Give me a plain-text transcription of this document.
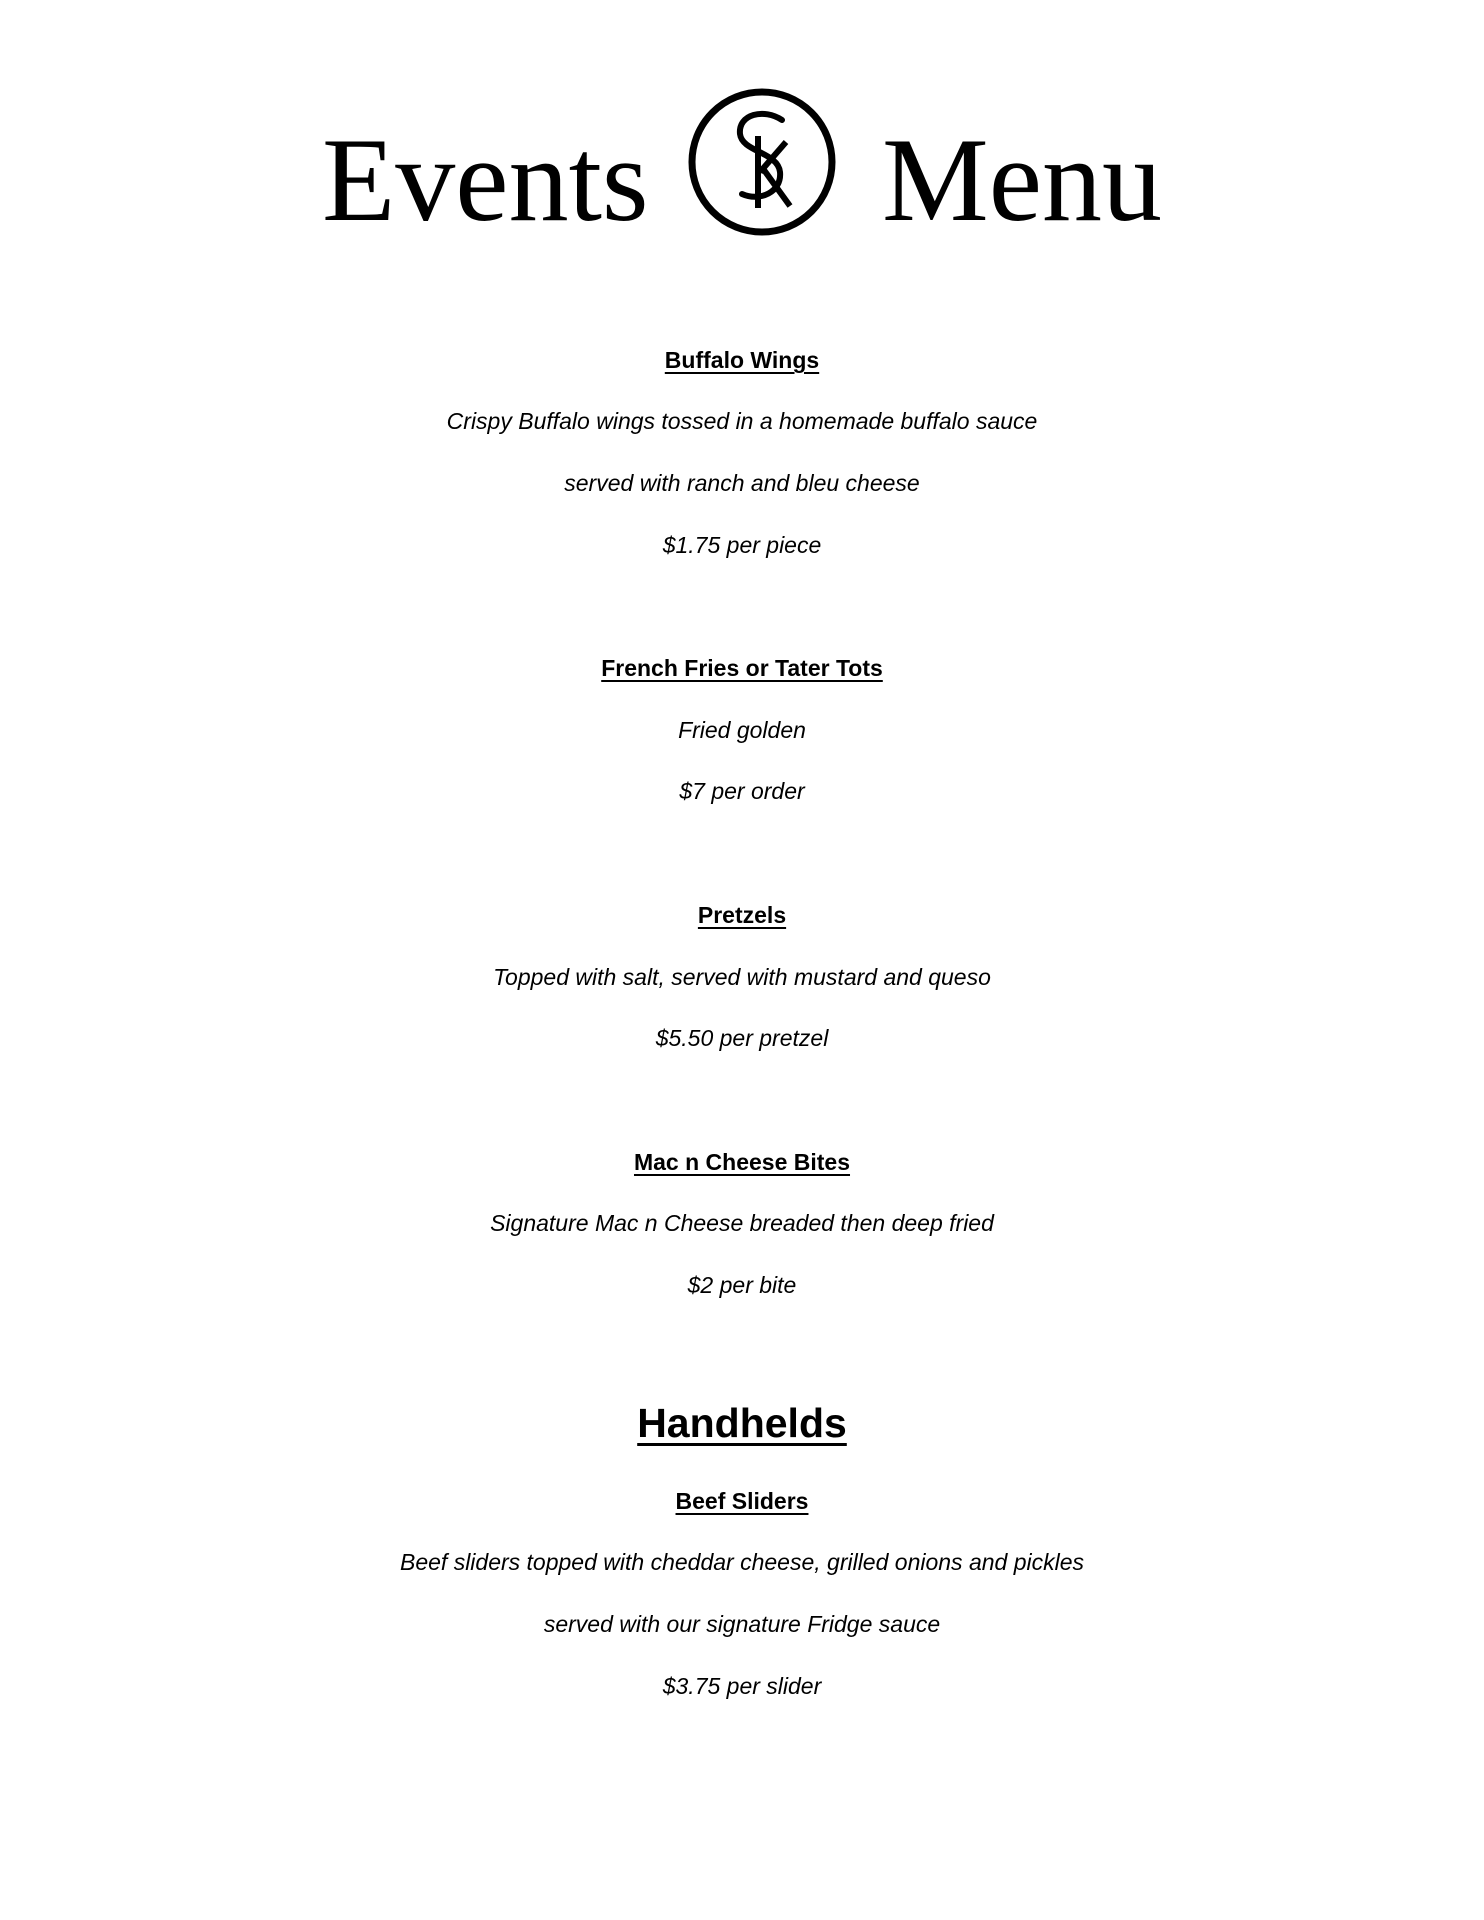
Events Menu
Buffalo Wings
Crispy Buffalo wings tossed in a homemade buffalo sauce
served with ranch and bleu cheese
$1.75 per piece
French Fries or Tater Tots
Fried golden
$7 per order
Pretzels
Topped with salt, served with mustard and queso
$5.50 per pretzel
Mac n Cheese Bites
Signature Mac n Cheese breaded then deep fried
$2 per bite
Handhelds
Beef Sliders
Beef sliders topped with cheddar cheese, grilled onions and pickles
served with our signature Fridge sauce
$3.75 per slider
